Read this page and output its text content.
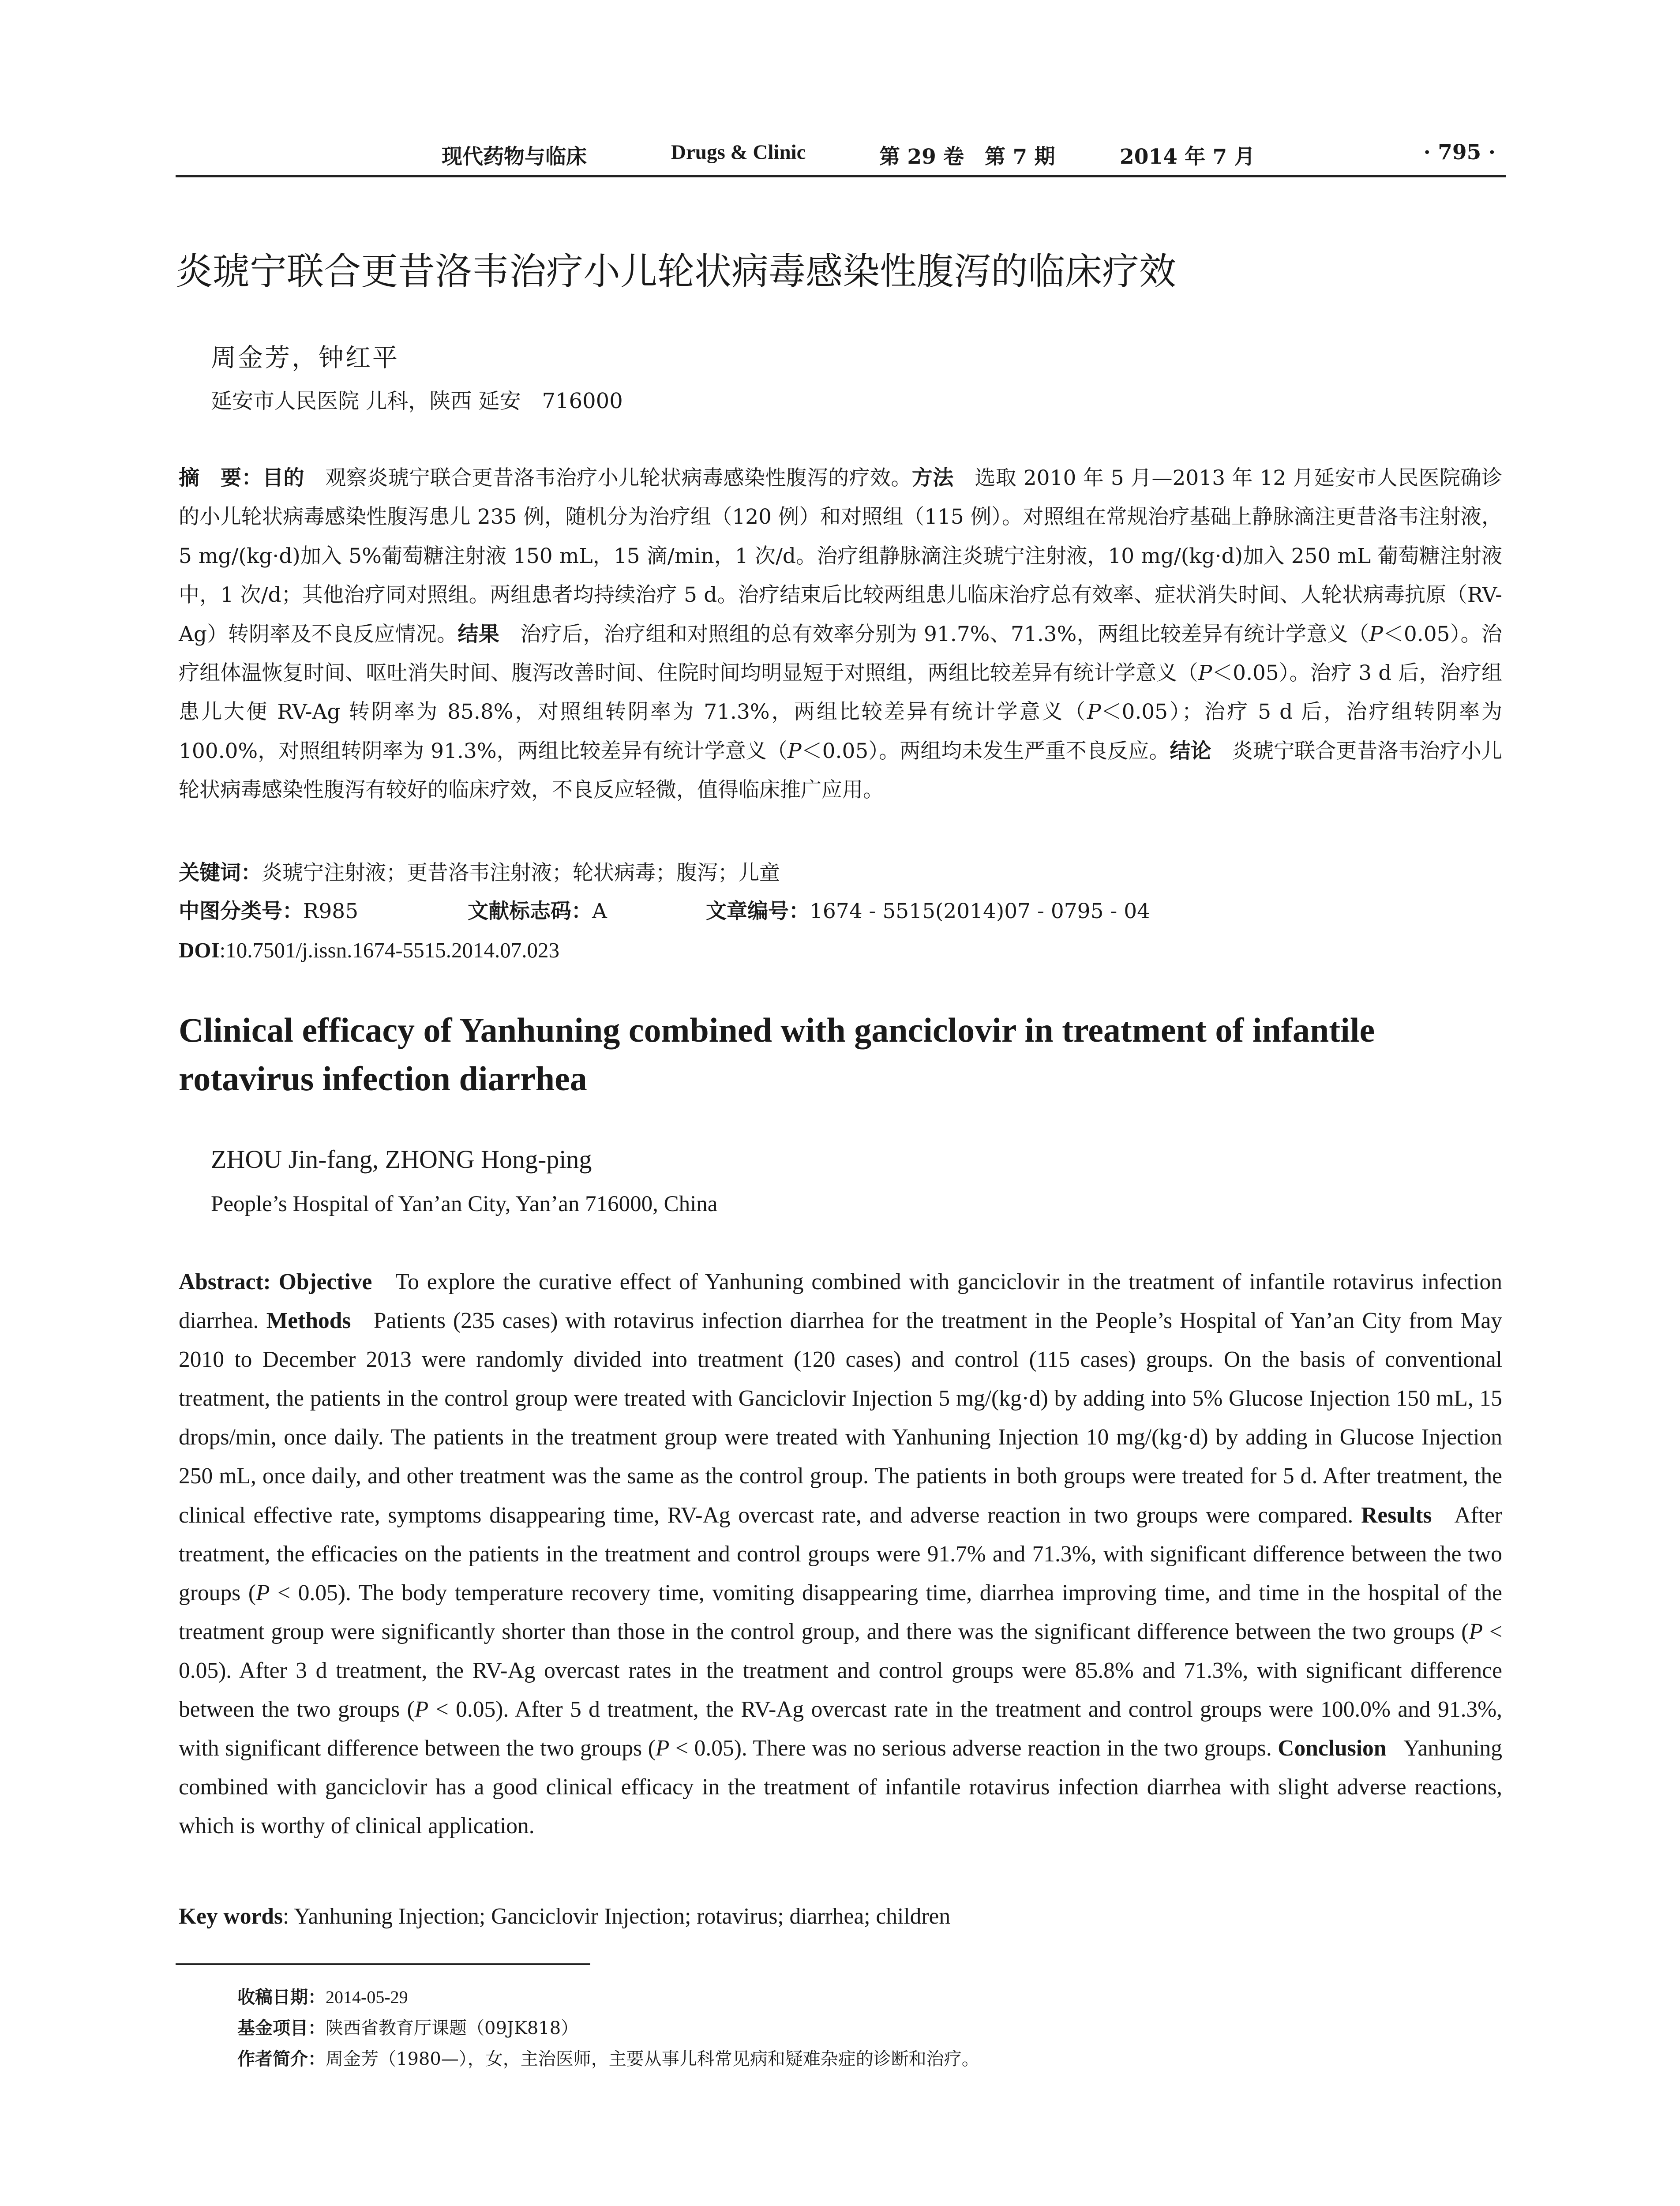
现代药物与临床	Drugs & Clinic	第 29 卷　第 7 期	2014 年 7 月	· 795 ·
炎琥宁联合更昔洛韦治疗小儿轮状病毒感染性腹泻的临床疗效
周金芳，钟红平
延安市人民医院 儿科，陕西 延安　716000
摘　要：目的　 观察炎琥宁联合更昔洛韦治疗小儿轮状病毒感染性腹泻的疗效。方法　 选取 2010 年 5 月—2013 年 12 月延安市人民医院确诊的小儿轮状病毒感染性腹泻患儿 235 例，随机分为治疗组（120 例）和对照组（115 例）。对照组在常规治疗基础上静脉滴注更昔洛韦注射液，5 mg/(kg·d)加入 5%葡萄糖注射液 150 mL，15 滴/min，1 次/d。治疗组静脉滴注炎琥宁注射液，10 mg/(kg·d)加入 250 mL 葡萄糖注射液中，1 次/d；其他治疗同对照组。两组患者均持续治疗 5 d。治疗结束后比较两组患儿临床治疗总有效率、症状消失时间、人轮状病毒抗原（RV-Ag）转阴率及不良反应情况。结果　 治疗后，治疗组和对照组的总有效率分别为 91.7%、71.3%，两组比较差异有统计学意义（P＜0.05）。治疗组体温恢复时间、呕吐消失时间、腹泻改善时间、住院时间均明显短于对照组，两组比较差异有统计学意义（P＜0.05）。治疗 3 d 后，治疗组患儿大便 RV-Ag 转阴率为 85.8%，对照组转阴率为 71.3%，两组比较差异有统计学意义（P＜0.05）；治疗 5 d 后，治疗组转阴率为 100.0%，对照组转阴率为 91.3%，两组比较差异有统计学意义（P＜0.05）。两组均未发生严重不良反应。结论　 炎琥宁联合更昔洛韦治疗小儿轮状病毒感染性腹泻有较好的临床疗效，不良反应轻微，值得临床推广应用。
关键词：炎琥宁注射液；更昔洛韦注射液；轮状病毒；腹泻；儿童
中图分类号：R985	文献标志码：A	文章编号：1674 - 5515(2014)07 - 0795 - 04
DOI:10.7501/j.issn.1674-5515.2014.07.023
Clinical efficacy of Yanhuning combined with ganciclovir in treatment of infantile rotavirus infection diarrhea
ZHOU Jin-fang, ZHONG Hong-ping
People’s Hospital of Yan’an City, Yan’an 716000, China
Abstract: Objective To explore the curative effect of Yanhuning combined with ganciclovir in the treatment of infantile rotavirus infection diarrhea. Methods Patients (235 cases) with rotavirus infection diarrhea for the treatment in the People’s Hospital of Yan’an City from May 2010 to December 2013 were randomly divided into treatment (120 cases) and control (115 cases) groups. On the basis of conventional treatment, the patients in the control group were treated with Ganciclovir Injection 5 mg/(kg·d) by adding into 5% Glucose Injection 150 mL, 15 drops/min, once daily. The patients in the treatment group were treated with Yanhuning Injection 10 mg/(kg·d) by adding in Glucose Injection 250 mL, once daily, and other treatment was the same as the control group. The patients in both groups were treated for 5 d. After treatment, the clinical effective rate, symptoms disappearing time, RV-Ag overcast rate, and adverse reaction in two groups were compared. Results After treatment, the efficacies on the patients in the treatment and control groups were 91.7% and 71.3%, with significant difference between the two groups (P < 0.05). The body temperature recovery time, vomiting disappearing time, diarrhea improving time, and time in the hospital of the treatment group were significantly shorter than those in the control group, and there was the significant difference between the two groups (P < 0.05). After 3 d treatment, the RV-Ag overcast rates in the treatment and control groups were 85.8% and 71.3%, with significant difference between the two groups (P < 0.05). After 5 d treatment, the RV-Ag overcast rate in the treatment and control groups were 100.0% and 91.3%, with significant difference between the two groups (P < 0.05). There was no serious adverse reaction in the two groups. Conclusion Yanhuning combined with ganciclovir has a good clinical efficacy in the treatment of infantile rotavirus infection diarrhea with slight adverse reactions, which is worthy of clinical application.
Key words: Yanhuning Injection; Ganciclovir Injection; rotavirus; diarrhea; children
收稿日期：2014-05-29
基金项目：陕西省教育厅课题（09JK818）
作者简介：周金芳（1980—），女，主治医师，主要从事儿科常见病和疑难杂症的诊断和治疗。
